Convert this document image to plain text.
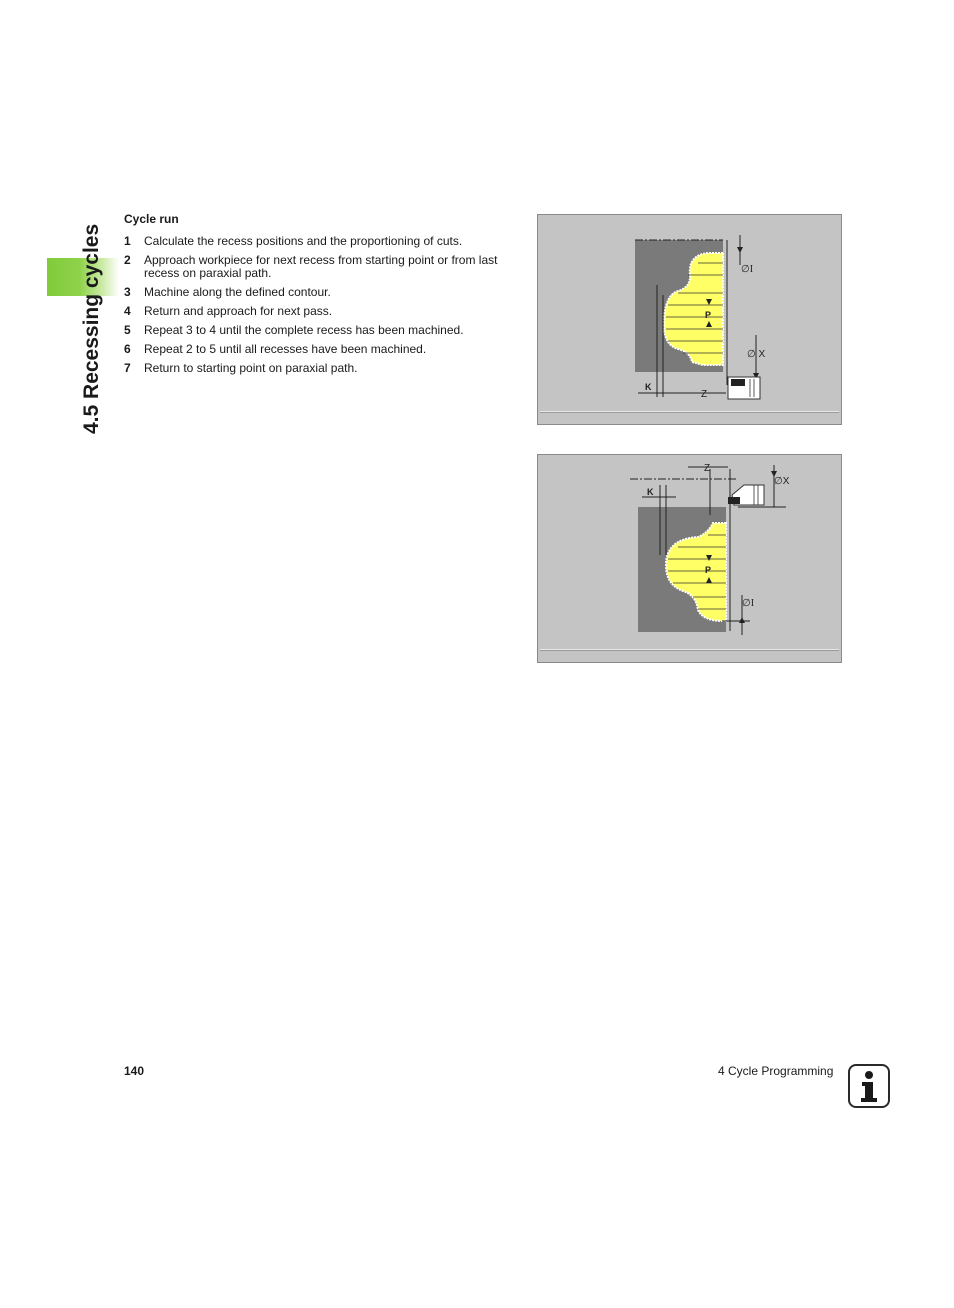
4.5 Recessing cycles
Cycle run
1 Calculate the recess positions and the proportioning of cuts.
2 Approach workpiece for next recess from starting point or from last recess on paraxial path.
3 Machine along the defined contour.
4 Return and approach for next pass.
5 Repeat 3 to 4 until the complete recess has been machined.
6 Repeat 2 to 5 until all recesses have been machined.
7 Return to starting point on paraxial path.
∅I
∅ X
P
K
Z
Z
∅X
K
P
∅I
140	4 Cycle Programming
